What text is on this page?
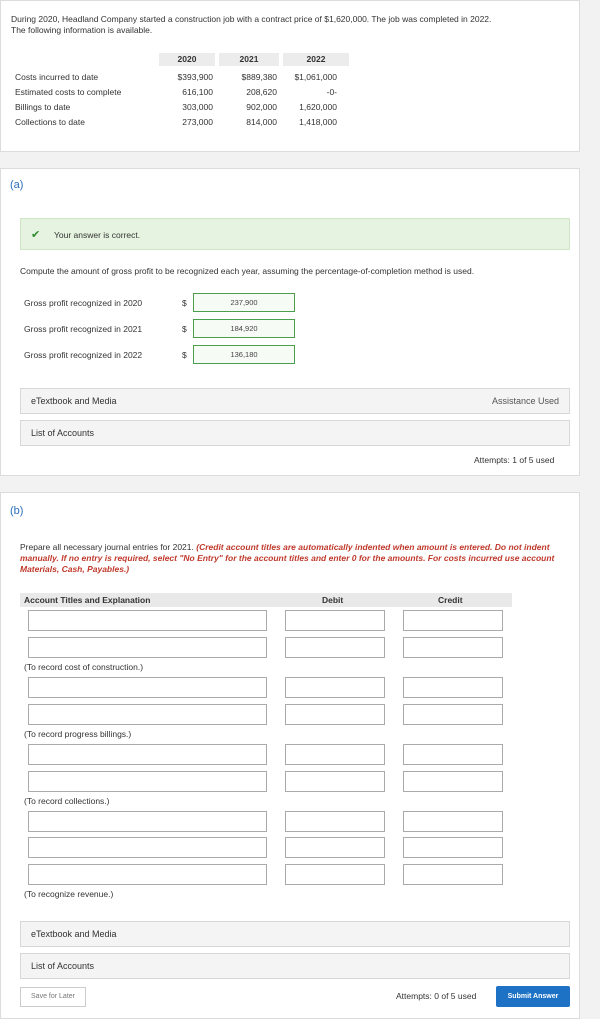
During 2020, Headland Company started a construction job with a contract price of $1,620,000. The job was completed in 2022.
The following information is available.
2020	2021	2022
Costs incurred to date	$393,900	$889,380	$1,061,000
Estimated costs to complete	616,100	208,620	-0-
Billings to date	303,000	902,000	1,620,000
Collections to date	273,000	814,000	1,418,000
(a)
✔	Your answer is correct.
Compute the amount of gross profit to be recognized each year, assuming the percentage-of-completion method is used.
Gross profit recognized in 2020	$	237,900
Gross profit recognized in 2021	$	184,920
Gross profit recognized in 2022	$	136,180
eTextbook and Media	Assistance Used
List of Accounts
Attempts: 1 of 5 used
(b)
Prepare all necessary journal entries for 2021. (Credit account titles are automatically indented when amount is entered. Do not indent manually. If no entry is required, select "No Entry" for the account titles and enter 0 for the amounts. For costs incurred use account Materials, Cash, Payables.)
Account Titles and Explanation	Debit	Credit
(To record cost of construction.)
(To record progress billings.)
(To record collections.)
(To recognize revenue.)
eTextbook and Media
List of Accounts
Save for Later	Attempts: 0 of 5 used	Submit Answer
